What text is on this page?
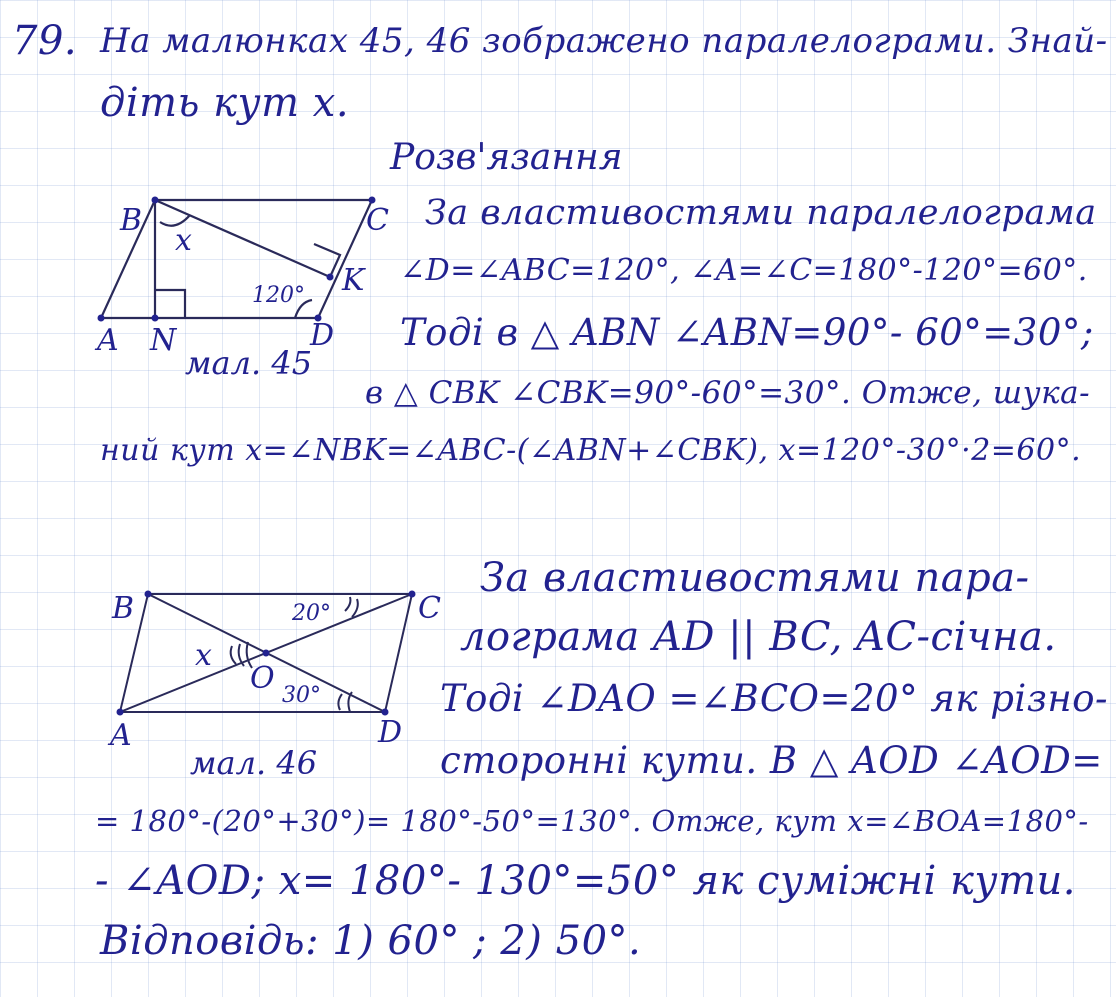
79. На малюнках 45, 46 зображено паралелограми. Знай-
діть кут x.
Розв'язання
B	C
A N	D
K
x
120°
мал. 45
За властивостями паралелограма
∠D=∠ABC=120°, ∠A=∠C=180°-120°=60°.
Тоді в △ ABN ∠ABN=90°- 60°=30°;
в △ CBK ∠CBK=90°-60°=30°. Отже, шука-
ний кут x=∠NBK=∠ABC-(∠ABN+∠CBK), x=120°-30°·2=60°.
B	C
A	D
O
x
20°
30°
мал. 46
За властивостями пара-
лограма AD || BC, AC-січна.
Тоді ∠DAO =∠BCO=20° як різно-
сторонні кути. В △ AOD ∠AOD=
= 180°-(20°+30°)= 180°-50°=130°. Отже, кут x=∠BOA=180°-
- ∠AOD; x= 180°- 130°=50° як суміжні кути.
Відповідь: 1) 60° ; 2) 50°.
